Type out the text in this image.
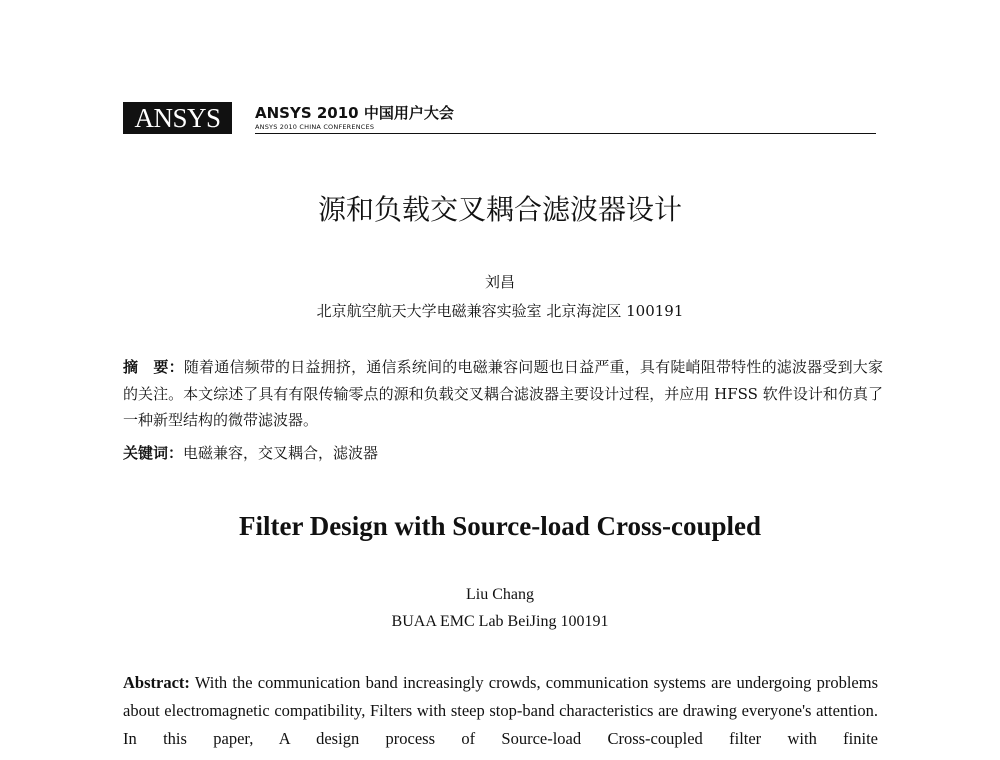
ANSYS	ANSYS 2010 中国用户大会
ANSYS 2010 CHINA CONFERENCES
源和负载交叉耦合滤波器设计
刘昌
北京航空航天大学电磁兼容实验室 北京海淀区 100191
摘　要：随着通信频带的日益拥挤，通信系统间的电磁兼容问题也日益严重，具有陡峭阻带特性的滤波器受到大家的关注。本文综述了具有有限传输零点的源和负载交叉耦合滤波器主要设计过程，并应用 HFSS 软件设计和仿真了一种新型结构的微带滤波器。
关键词：电磁兼容，交叉耦合，滤波器
Filter Design with Source-load Cross-coupled
Liu Chang
BUAA EMC Lab BeiJing 100191
Abstract: With the communication band increasingly crowds, communication systems are undergoing problems about electromagnetic compatibility, Filters with steep stop-band characteristics are drawing everyone's attention. In this paper, A design process of Source-load Cross-coupled filter with finite
